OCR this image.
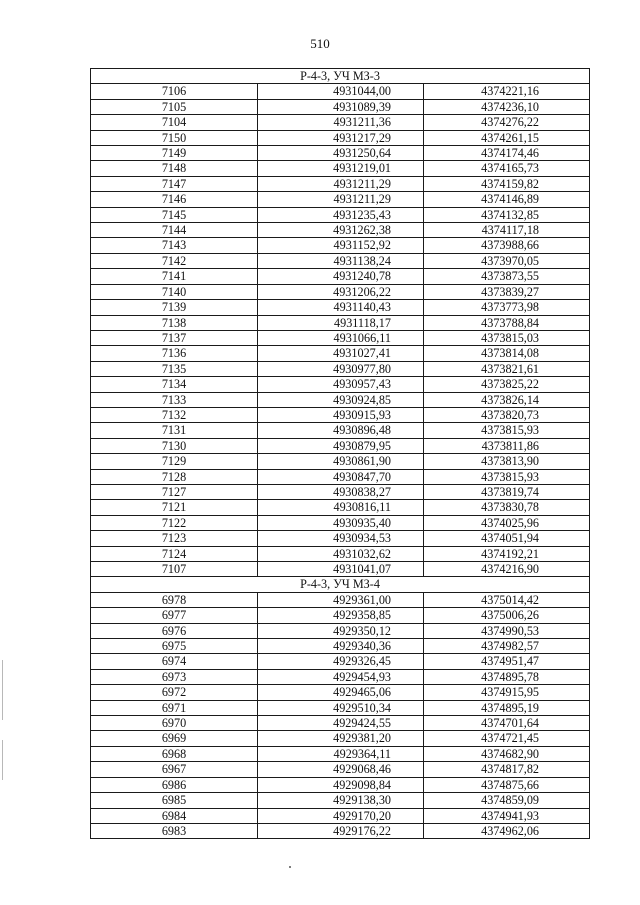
510
Р-4-3, УЧ МЗ-3		
7106	4931044,00	4374221,16
7105	4931089,39	4374236,10
7104	4931211,36	4374276,22
7150	4931217,29	4374261,15
7149	4931250,64	4374174,46
7148	4931219,01	4374165,73
7147	4931211,29	4374159,82
7146	4931211,29	4374146,89
7145	4931235,43	4374132,85
7144	4931262,38	4374117,18
7143	4931152,92	4373988,66
7142	4931138,24	4373970,05
7141	4931240,78	4373873,55
7140	4931206,22	4373839,27
7139	4931140,43	4373773,98
7138	4931118,17	4373788,84
7137	4931066,11	4373815,03
7136	4931027,41	4373814,08
7135	4930977,80	4373821,61
7134	4930957,43	4373825,22
7133	4930924,85	4373826,14
7132	4930915,93	4373820,73
7131	4930896,48	4373815,93
7130	4930879,95	4373811,86
7129	4930861,90	4373813,90
7128	4930847,70	4373815,93
7127	4930838,27	4373819,74
7121	4930816,11	4373830,78
7122	4930935,40	4374025,96
7123	4930934,53	4374051,94
7124	4931032,62	4374192,21
7107	4931041,07	4374216,90
Р-4-3, УЧ МЗ-4		
6978	4929361,00	4375014,42
6977	4929358,85	4375006,26
6976	4929350,12	4374990,53
6975	4929340,36	4374982,57
6974	4929326,45	4374951,47
6973	4929454,93	4374895,78
6972	4929465,06	4374915,95
6971	4929510,34	4374895,19
6970	4929424,55	4374701,64
6969	4929381,20	4374721,45
6968	4929364,11	4374682,90
6967	4929068,46	4374817,82
6986	4929098,84	4374875,66
6985	4929138,30	4374859,09
6984	4929170,20	4374941,93
6983	4929176,22	4374962,06
